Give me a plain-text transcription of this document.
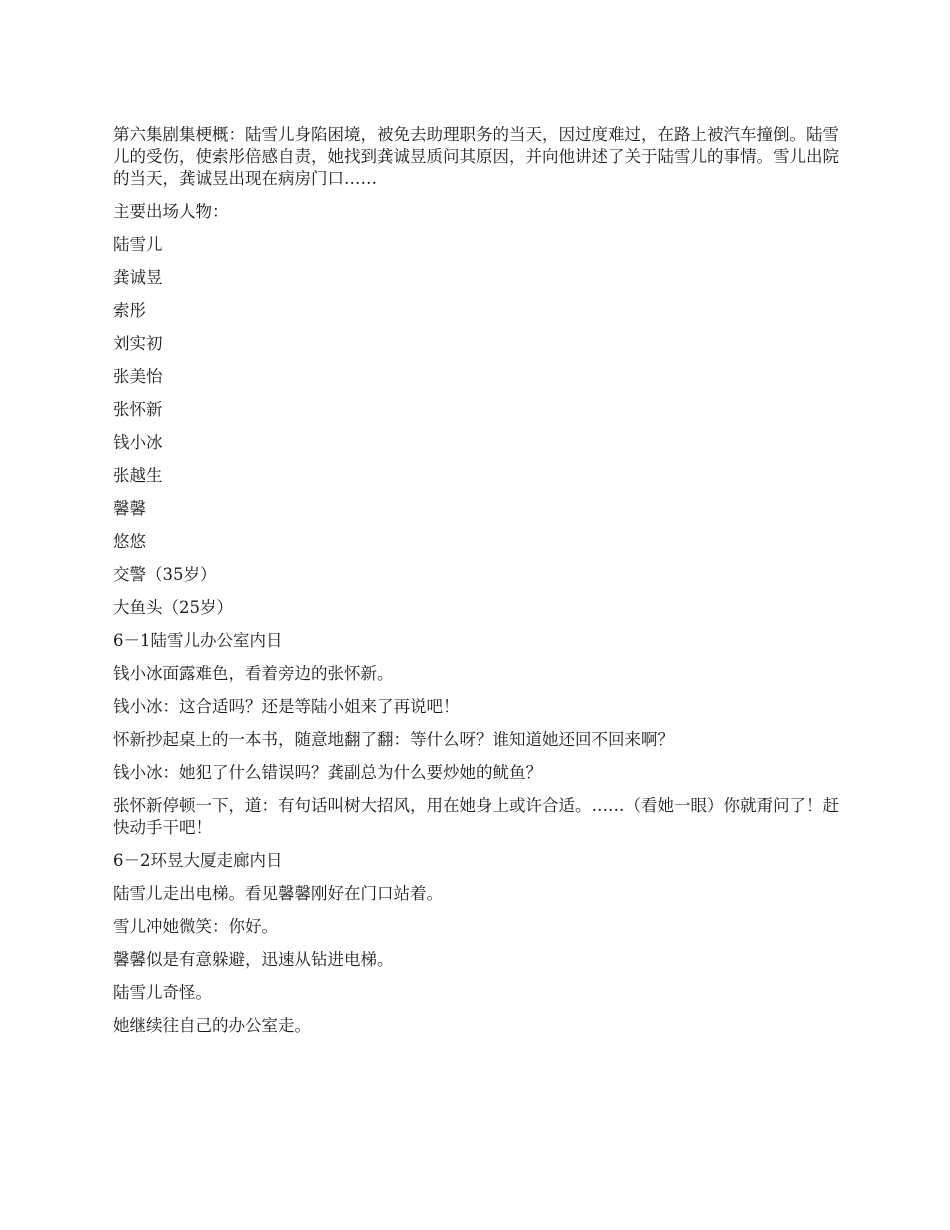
第六集剧集梗概：陆雪儿身陷困境，被免去助理职务的当天，因过度难过，在路上被汽车撞倒。陆雪儿的受伤，使索彤倍感自责，她找到龚诚昱质问其原因，并向他讲述了关于陆雪儿的事情。雪儿出院的当天，龚诚昱出现在病房门口……

主要出场人物：

陆雪儿

龚诚昱

索彤

刘实初

张美怡

张怀新

钱小冰

张越生

馨馨

悠悠

交警（35岁）

大鱼头（25岁）

6－1陆雪儿办公室内日

钱小冰面露难色，看着旁边的张怀新。

钱小冰：这合适吗？还是等陆小姐来了再说吧！

怀新抄起桌上的一本书，随意地翻了翻：等什么呀？谁知道她还回不回来啊？

钱小冰：她犯了什么错误吗？龚副总为什么要炒她的鱿鱼？

张怀新停顿一下，道：有句话叫树大招风，用在她身上或许合适。……（看她一眼）你就甭问了！赶快动手干吧！

6－2环昱大厦走廊内日

陆雪儿走出电梯。看见馨馨刚好在门口站着。

雪儿冲她微笑：你好。

馨馨似是有意躲避，迅速从钻进电梯。

陆雪儿奇怪。

她继续往自己的办公室走。
